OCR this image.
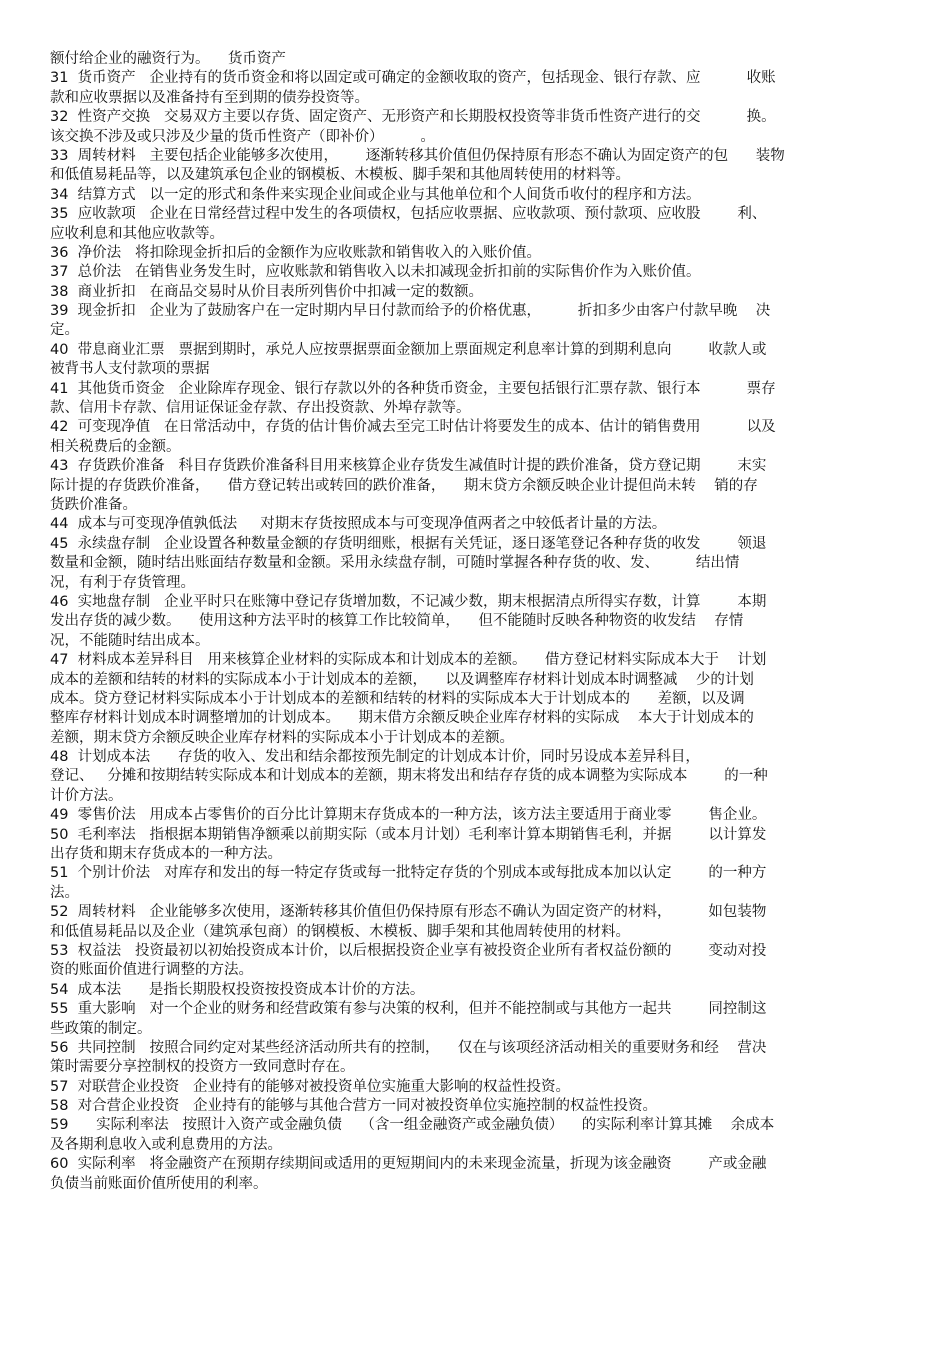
额付给企业的融资行为。    货币资产
31  货币资产   企业持有的货币资金和将以固定或可确定的金额收取的资产，包括现金、银行存款、应          收账
款和应收票据以及准备持有至到期的债券投资等。
32  性资产交换   交易双方主要以存货、固定资产、无形资产和长期股权投资等非货币性资产进行的交          换。
该交换不涉及或只涉及少量的货币性资产（即补价）        。
33  周转材料   主要包括企业能够多次使用，      逐渐转移其价值但仍保持原有形态不确认为固定资产的包      装物
和低值易耗品等，以及建筑承包企业的钢模板、木模板、脚手架和其他周转使用的材料等。
34  结算方式   以一定的形式和条件来实现企业间或企业与其他单位和个人间货币收付的程序和方法。
35  应收款项   企业在日常经营过程中发生的各项债权，包括应收票据、应收款项、预付款项、应收股        利、
应收利息和其他应收款等。
36  净价法   将扣除现金折扣后的金额作为应收账款和销售收入的入账价值。
37  总价法   在销售业务发生时，应收账款和销售收入以未扣减现金折扣前的实际售价作为入账价值。
38  商业折扣   在商品交易时从价目表所列售价中扣减一定的数额。
39  现金折扣   企业为了鼓励客户在一定时期内早日付款而给予的价格优惠，        折扣多少由客户付款早晚    决
定。
40  带息商业汇票   票据到期时，承兑人应按票据票面金额加上票面规定利息率计算的到期利息向        收款人或
被背书人支付款项的票据
41  其他货币资金   企业除库存现金、银行存款以外的各种货币资金，主要包括银行汇票存款、银行本          票存
款、信用卡存款、信用证保证金存款、存出投资款、外埠存款等。
42  可变现净值   在日常活动中，存货的估计售价减去至完工时估计将要发生的成本、估计的销售费用          以及
相关税费后的金额。
43  存货跌价准备   科目存货跌价准备科目用来核算企业存货发生减值时计提的跌价准备，贷方登记期        末实
际计提的存货跌价准备，    借方登记转出或转回的跌价准备，    期末贷方余额反映企业计提但尚未转    销的存
货跌价准备。
44  成本与可变现净值孰低法     对期末存货按照成本与可变现净值两者之中较低者计量的方法。
45  永续盘存制   企业设置各种数量金额的存货明细账，根据有关凭证，逐日逐笔登记各种存货的收发        领退
数量和金额，随时结出账面结存数量和金额。采用永续盘存制，可随时掌握各种存货的收、发、        结出情
况，有利于存货管理。
46  实地盘存制   企业平时只在账簿中登记存货增加数，不记减少数，期末根据清点所得实存数，计算        本期
发出存货的减少数。    使用这种方法平时的核算工作比较简单，    但不能随时反映各种物资的收发结    存情
况，不能随时结出成本。
47  材料成本差异科目   用来核算企业材料的实际成本和计划成本的差额。    借方登记材料实际成本大于    计划
成本的差额和结转的材料的实际成本小于计划成本的差额，    以及调整库存材料计划成本时调整减    少的计划
成本。贷方登记材料实际成本小于计划成本的差额和结转的材料的实际成本大于计划成本的      差额，以及调
整库存材料计划成本时调整增加的计划成本。    期末借方余额反映企业库存材料的实际成    本大于计划成本的
差额，期末贷方余额反映企业库存材料的实际成本小于计划成本的差额。
48  计划成本法      存货的收入、发出和结余都按预先制定的计划成本计价，同时另设成本差异科目，
登记、   分摊和按期结转实际成本和计划成本的差额，期末将发出和结存存货的成本调整为实际成本        的一种
计价方法。
49  零售价法   用成本占零售价的百分比计算期末存货成本的一种方法，该方法主要适用于商业零        售企业。
50  毛利率法   指根据本期销售净额乘以前期实际（或本月计划）毛利率计算本期销售毛利，并据        以计算发
出存货和期末存货成本的一种方法。
51  个别计价法   对库存和发出的每一特定存货或每一批特定存货的个别成本或每批成本加以认定        的一种方
法。
52  周转材料   企业能够多次使用，逐渐转移其价值但仍保持原有形态不确认为固定资产的材料，        如包装物
和低值易耗品以及企业（建筑承包商）的钢模板、木模板、脚手架和其他周转使用的材料。
53  权益法   投资最初以初始投资成本计价，以后根据投资企业享有被投资企业所有者权益份额的        变动对投
资的账面价值进行调整的方法。
54  成本法      是指长期股权投资按投资成本计价的方法。
55  重大影响   对一个企业的财务和经营政策有参与决策的权利，但并不能控制或与其他方一起共        同控制这
些政策的制定。
56  共同控制   按照合同约定对某些经济活动所共有的控制，    仅在与该项经济活动相关的重要财务和经    营决
策时需要分享控制权的投资方一致同意时存在。
57  对联营企业投资   企业持有的能够对被投资单位实施重大影响的权益性投资。
58  对合营企业投资   企业持有的能够与其他合营方一同对被投资单位实施控制的权益性投资。
59      实际利率法   按照计入资产或金融负债    （含一组金融资产或金融负债）    的实际利率计算其摊    余成本
及各期利息收入或利息费用的方法。
60  实际利率   将金融资产在预期存续期间或适用的更短期间内的未来现金流量，折现为该金融资        产或金融
负债当前账面价值所使用的利率。
